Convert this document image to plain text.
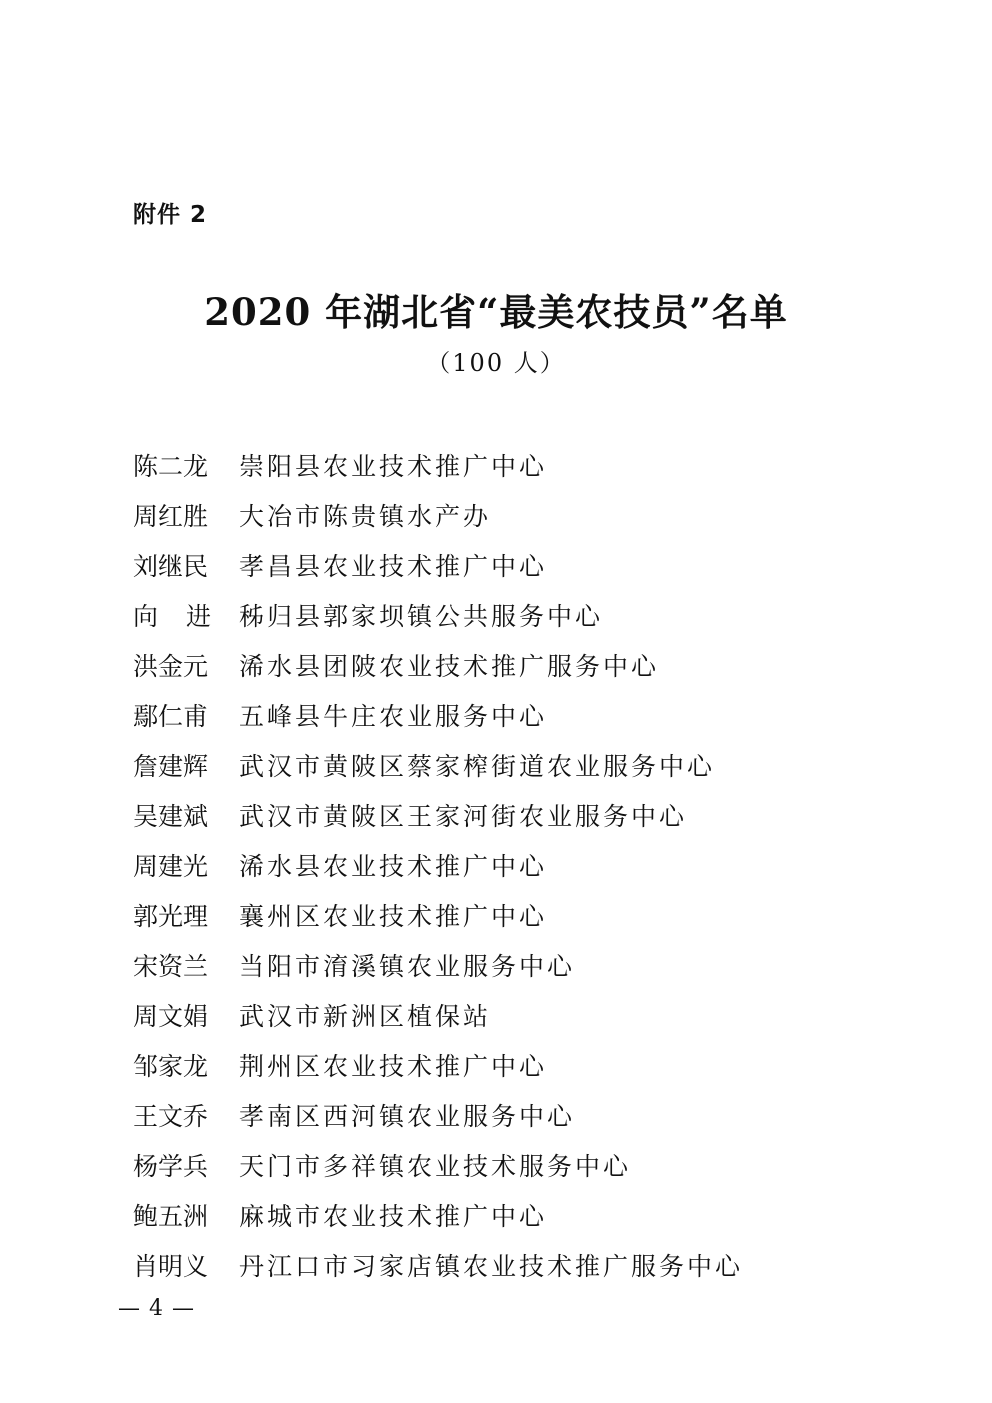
附件 2
2020 年湖北省“最美农技员”名单
（100 人）
陈二龙 崇阳县农业技术推广中心
周红胜 大冶市陈贵镇水产办
刘继民 孝昌县农业技术推广中心
向 进 秭归县郭家坝镇公共服务中心
洪金元 浠水县团陂农业技术推广服务中心
鄢仁甫 五峰县牛庄农业服务中心
詹建辉 武汉市黄陂区蔡家榨街道农业服务中心
吴建斌 武汉市黄陂区王家河街农业服务中心
周建光 浠水县农业技术推广中心
郭光理 襄州区农业技术推广中心
宋资兰 当阳市淯溪镇农业服务中心
周文娟 武汉市新洲区植保站
邹家龙 荆州区农业技术推广中心
王文乔 孝南区西河镇农业服务中心
杨学兵 天门市多祥镇农业技术服务中心
鲍五洲 麻城市农业技术推广中心
肖明义 丹江口市习家店镇农业技术推广服务中心
— 4 —
